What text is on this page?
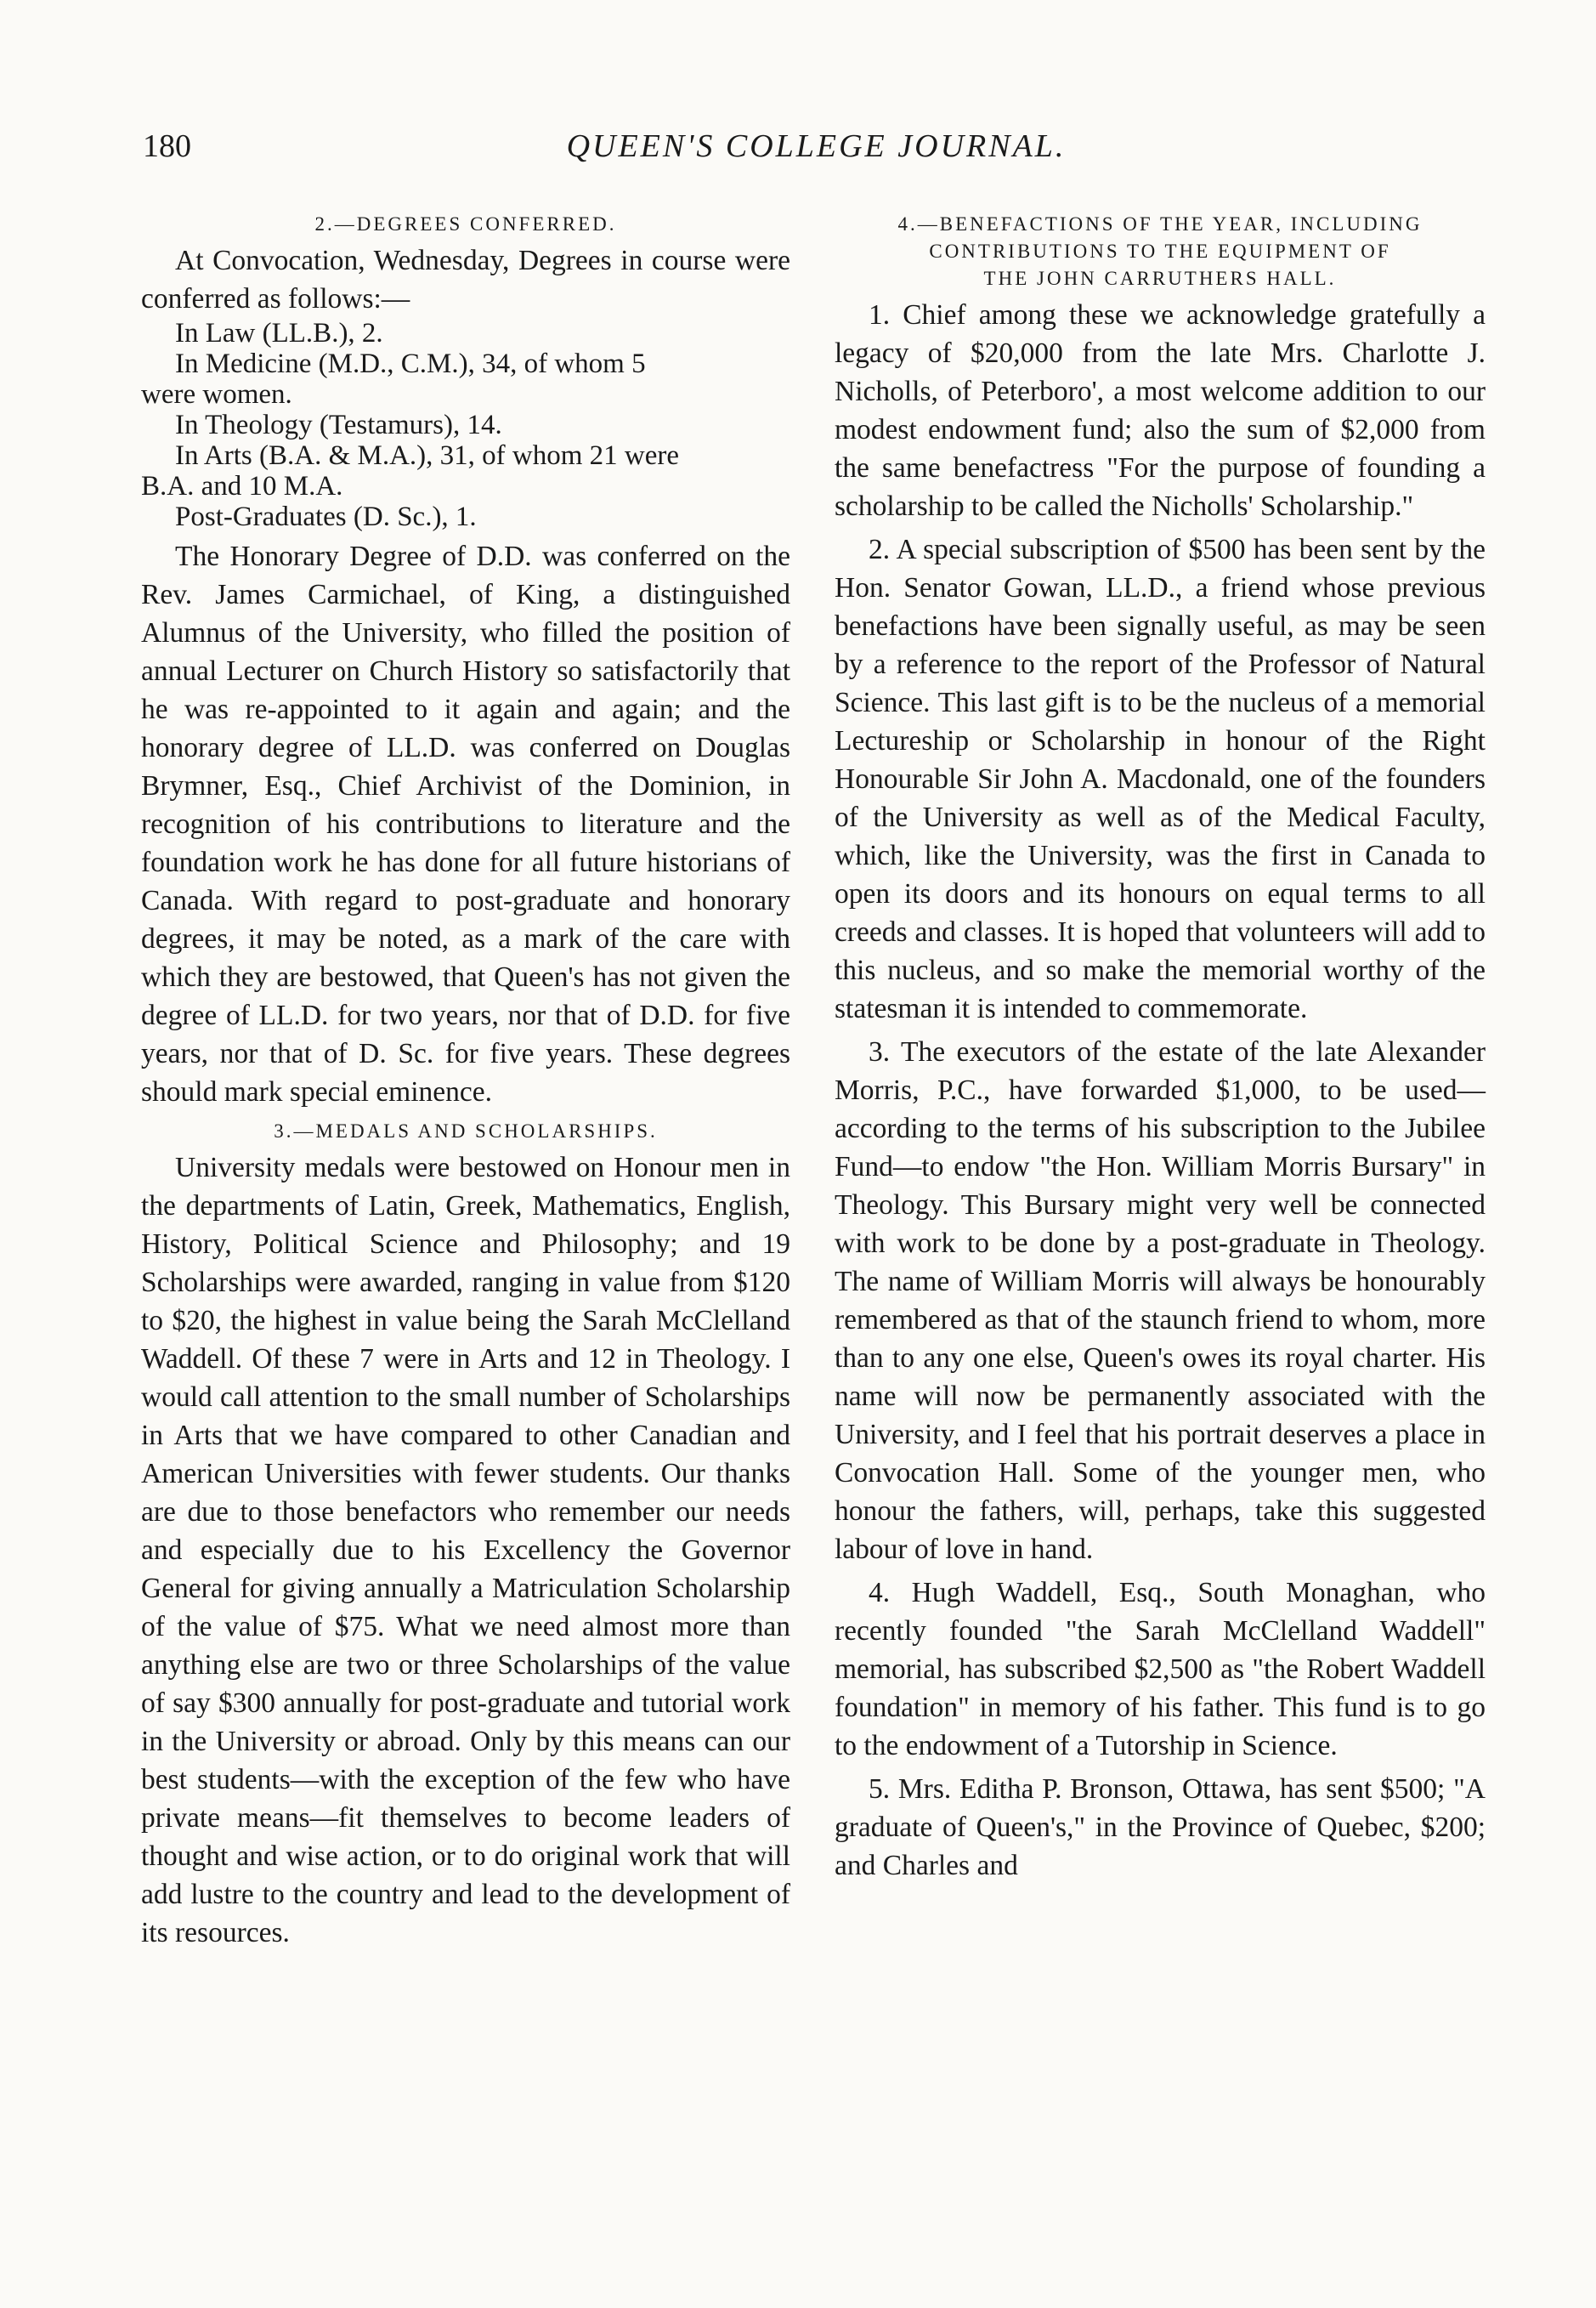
180	QUEEN'S COLLEGE JOURNAL.
2.—DEGREES CONFERRED.

At Convocation, Wednesday, Degrees in course were conferred as follows:—

In Law (LL.B.), 2.
In Medicine (M.D., C.M.), 34, of whom 5
were women.
In Theology (Testamurs), 14.
In Arts (B.A. & M.A.), 31, of whom 21 were
B.A. and 10 M.A.
Post-Graduates (D. Sc.), 1.

The Honorary Degree of D.D. was conferred on the Rev. James Carmichael, of King, a distinguished Alumnus of the University, who filled the position of annual Lecturer on Church History so satisfactorily that he was re-appointed to it again and again; and the honorary degree of LL.D. was conferred on Douglas Brymner, Esq., Chief Archivist of the Dominion, in recognition of his contributions to literature and the foundation work he has done for all future historians of Canada. With regard to post-graduate and honorary degrees, it may be noted, as a mark of the care with which they are bestowed, that Queen's has not given the degree of LL.D. for two years, nor that of D.D. for five years, nor that of D. Sc. for five years. These degrees should mark special eminence.

3.—MEDALS AND SCHOLARSHIPS.

University medals were bestowed on Honour men in the departments of Latin, Greek, Mathematics, English, History, Political Science and Philosophy; and 19 Scholarships were awarded, ranging in value from $120 to $20, the highest in value being the Sarah McClelland Waddell. Of these 7 were in Arts and 12 in Theology. I would call attention to the small number of Scholarships in Arts that we have compared to other Canadian and American Universities with fewer students. Our thanks are due to those benefactors who remember our needs and especially due to his Excellency the Governor General for giving annually a Matriculation Scholarship of the value of $75. What we need almost more than anything else are two or three Scholarships of the value of say $300 annually for post-graduate and tutorial work in the University or abroad. Only by this means can our best students—with the exception of the few who have private means—fit themselves to become leaders of thought and wise action, or to do original work that will add lustre to the country and lead to the development of its resources.

4.—BENEFACTIONS OF THE YEAR, INCLUDING
CONTRIBUTIONS TO THE EQUIPMENT OF
THE JOHN CARRUTHERS HALL.

1. Chief among these we acknowledge gratefully a legacy of $20,000 from the late Mrs. Charlotte J. Nicholls, of Peterboro', a most welcome addition to our modest endowment fund; also the sum of $2,000 from the same benefactress "For the purpose of founding a scholarship to be called the Nicholls' Scholarship."

2. A special subscription of $500 has been sent by the Hon. Senator Gowan, LL.D., a friend whose previous benefactions have been signally useful, as may be seen by a reference to the report of the Professor of Natural Science. This last gift is to be the nucleus of a memorial Lectureship or Scholarship in honour of the Right Honourable Sir John A. Macdonald, one of the founders of the University as well as of the Medical Faculty, which, like the University, was the first in Canada to open its doors and its honours on equal terms to all creeds and classes. It is hoped that volunteers will add to this nucleus, and so make the memorial worthy of the statesman it is intended to commemorate.

3. The executors of the estate of the late Alexander Morris, P.C., have forwarded $1,000, to be used—according to the terms of his subscription to the Jubilee Fund—to endow "the Hon. William Morris Bursary" in Theology. This Bursary might very well be connected with work to be done by a post-graduate in Theology. The name of William Morris will always be honourably remembered as that of the staunch friend to whom, more than to any one else, Queen's owes its royal charter. His name will now be permanently associated with the University, and I feel that his portrait deserves a place in Convocation Hall. Some of the younger men, who honour the fathers, will, perhaps, take this suggested labour of love in hand.

4. Hugh Waddell, Esq., South Monaghan, who recently founded "the Sarah McClelland Waddell" memorial, has subscribed $2,500 as "the Robert Waddell foundation" in memory of his father. This fund is to go to the endowment of a Tutorship in Science.

5. Mrs. Editha P. Bronson, Ottawa, has sent $500; "A graduate of Queen's," in the Province of Quebec, $200; and Charles and
